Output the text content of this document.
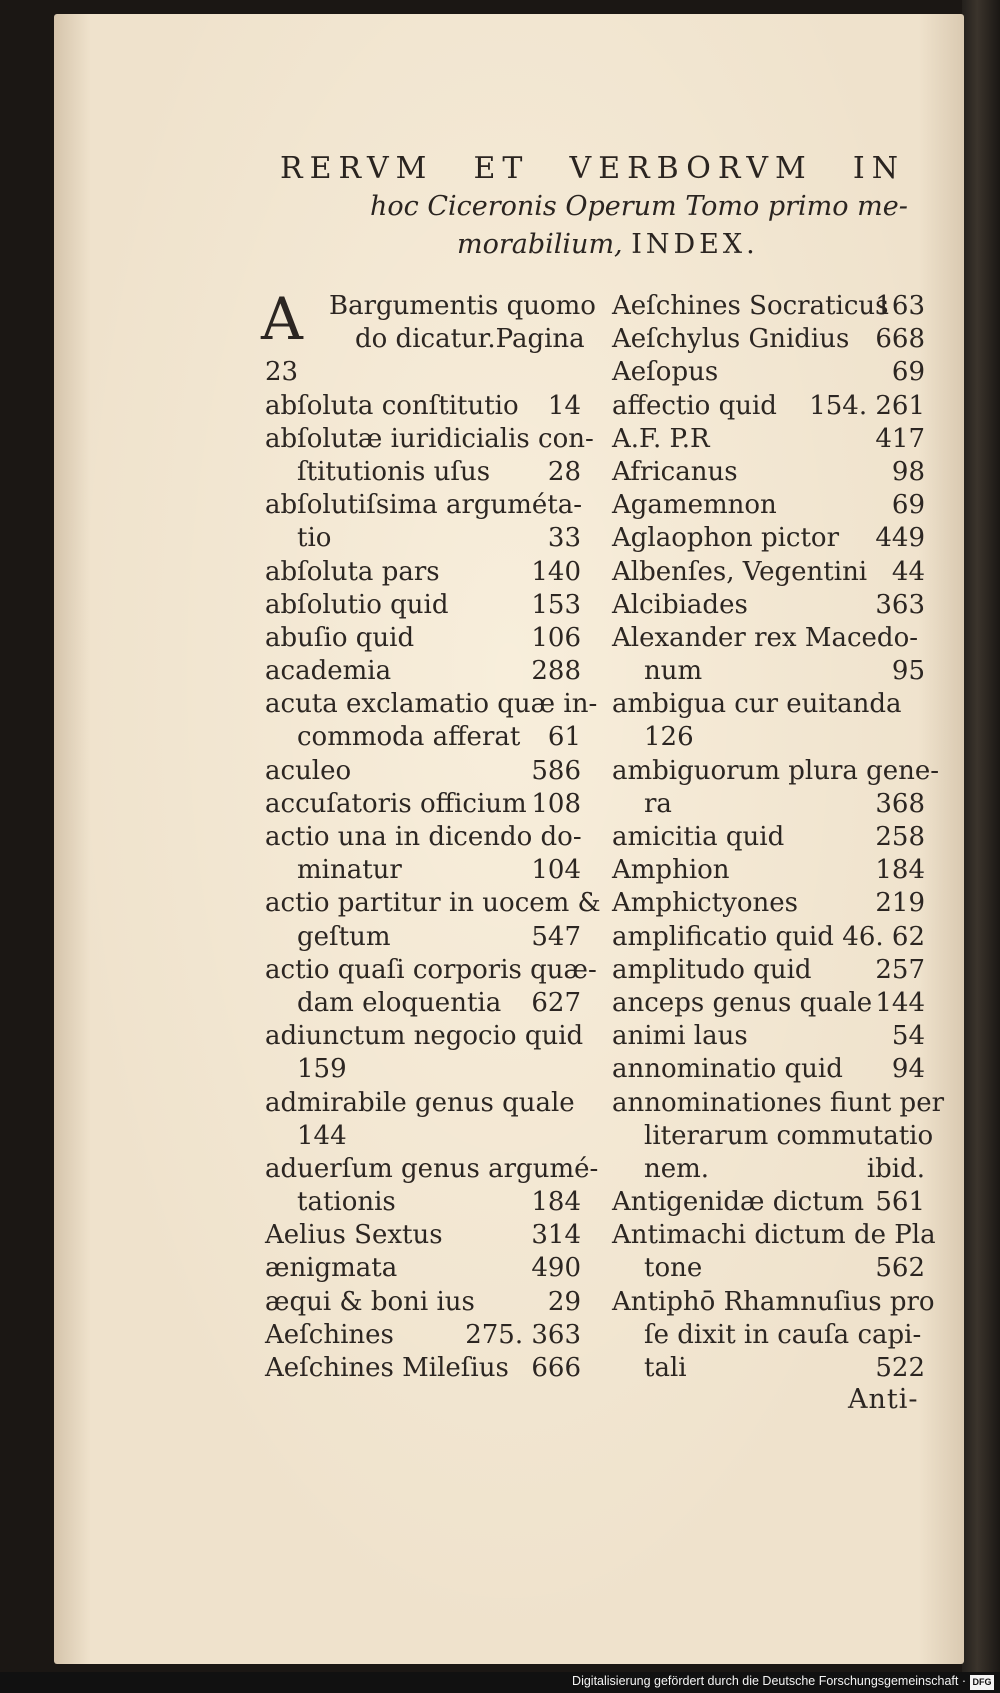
RERVM ET VERBORVM IN
hoc Ciceronis Operum Tomo primo me-
morabilium, INDEX.
A Bargumentis quomo
do dicatur.Pagina
23
abſoluta conſtitutio 14
abſolutæ iuridicialis con-
ſtitutionis uſus 28
abſolutiſsima arguméta-
tio	33
abſoluta pars	140
abſolutio quid	153
abuſio quid	106
academia	288
acuta exclamatio quæ in-
commoda afferat 61
aculeo	586
accuſatoris officium 108
actio una in dicendo do-
minatur	104
actio partitur in uocem &
geſtum	547
actio quaſi corporis quæ-
dam eloquentia 627
adiunctum negocio quid
159
admirabile genus quale
144
aduerſum genus argumé-
tationis	184
Aelius Sextus	314
ænigmata	490
æqui & boni ius	29
Aeſchines	275. 363
Aeſchines Mileſius 666
Aeſchines Socraticus
163
Aeſchylus Gnidius 668
Aeſopus	69
affectio quid 154. 261
A.F. P.R	417
Africanus	98
Agamemnon	69
Aglaophon pictor 449
Albenſes, Vegentini 44
Alcibiades	363
Alexander rex Macedo-
num	95
ambigua cur euitanda
126
ambiguorum plura gene-
ra	368
amicitia quid	258
Amphion	184
Amphictyones	219
amplificatio quid 46. 62
amplitudo quid 257
anceps genus quale 144
animi laus	54
annominatio quid 94
annominationes fiunt per
literarum commutatio
nem.	ibid.
Antigenidæ dictum 561
Antimachi dictum de Pla
tone	562
Antiphō Rhamnuſius pro
ſe dixit in cauſa capi-
tali	522
Anti-
Digitalisierung gefördert durch die Deutsche Forschungsgemeinschaft · DFG
